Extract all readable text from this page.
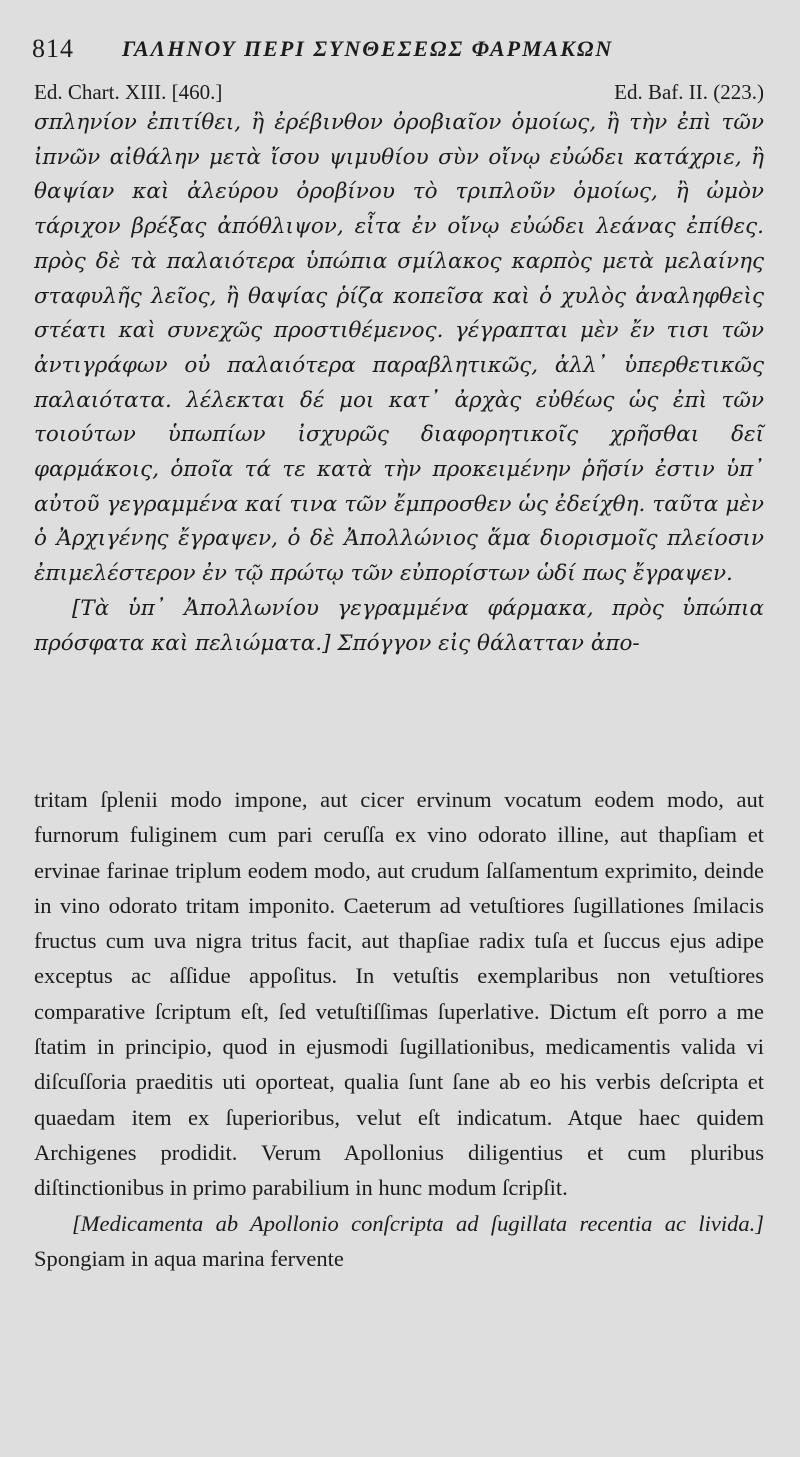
814 ΓΑΛΗΝΟΥ ΠΕΡΙ ΣΥΝΘΕΣΕΩΣ ΦΑΡΜΑΚΩΝ
Ed. Chart. XIII. [460.]	Ed. Baf. II. (223.)

σπληνίον ἐπιτίθει, ἢ ἐρέβινθον ὀροβιαῖον ὁμοίως, ἢ τὴν ἐπὶ τῶν ἰπνῶν αἰθάλην μετὰ ἴσου ψιμυθίου σὺν οἴνῳ εὐώδει κατάχριε, ἢ θαψίαν καὶ ἀλεύρου ὀροβίνου τὸ τριπλοῦν ὁμοίως, ἢ ὠμὸν τάριχον βρέξας ἀπόθλιψον, εἶτα ἐν οἴνῳ εὐώδει λεάνας ἐπίθες. πρὸς δὲ τὰ παλαιότερα ὑπώπια σμίλακος καρπὸς μετὰ μελαίνης σταφυλῆς λεῖος, ἢ θαψίας ῥίζα κοπεῖσα καὶ ὁ χυλὸς ἀναληφθεὶς στέατι καὶ συνεχῶς προστιθέμενος. γέγραπται μὲν ἔν τισι τῶν ἀντιγράφων οὐ παλαιότερα παραβλητικῶς, ἀλλ᾽ ὑπερθετικῶς παλαιότατα. λέλεκται δέ μοι κατ᾽ ἀρχὰς εὐθέως ὡς ἐπὶ τῶν τοιούτων ὑπωπίων ἰσχυρῶς διαφορητικοῖς χρῆσθαι δεῖ φαρμάκοις, ὁποῖα τά τε κατὰ τὴν προκειμένην ῥῆσίν ἐστιν ὑπ᾽ αὐτοῦ γεγραμμένα καί τινα τῶν ἔμπροσθεν ὡς ἐδείχθη. ταῦτα μὲν ὁ Ἀρχιγένης ἔγραψεν, ὁ δὲ Ἀπολλώνιος ἅμα διορισμοῖς πλείοσιν ἐπιμελέστερον ἐν τῷ πρώτῳ τῶν εὐπορίστων ὡδί πως ἔγραψεν.

[Τὰ ὑπ᾽ Ἀπολλωνίου γεγραμμένα φάρμακα, πρὸς ὑπώπια πρόσφατα καὶ πελιώματα.] Σπόγγον εἰς θάλατταν ἀπο-

tritam ſplenii modo impone, aut cicer ervinum vocatum eodem modo, aut furnorum fuliginem cum pari ceruſſa ex vino odorato illine, aut thapſiam et ervinae farinae triplum eodem modo, aut crudum ſalſamentum exprimito, deinde in vino odorato tritam imponito. Caeterum ad vetuſtiores ſugillationes ſmilacis fructus cum uva nigra tritus facit, aut thapſiae radix tuſa et ſuccus ejus adipe exceptus ac aſſidue appoſitus. In vetuſtis exemplaribus non vetuſtiores comparative ſcriptum eſt, ſed vetuſtiſſimas ſuperlative. Dictum eſt porro a me ſtatim in principio, quod in ejusmodi ſugillationibus, medicamentis valida vi diſcuſſoria praeditis uti oporteat, qualia ſunt ſane ab eo his verbis deſcripta et quaedam item ex ſuperioribus, velut eſt indicatum. Atque haec quidem Archigenes prodidit. Verum Apollonius diligentius et cum pluribus diſtinctionibus in primo parabilium in hunc modum ſcripſit.

[Medicamenta ab Apollonio conſcripta ad ſugillata recentia ac livida.] Spongiam in aqua marina fervente
